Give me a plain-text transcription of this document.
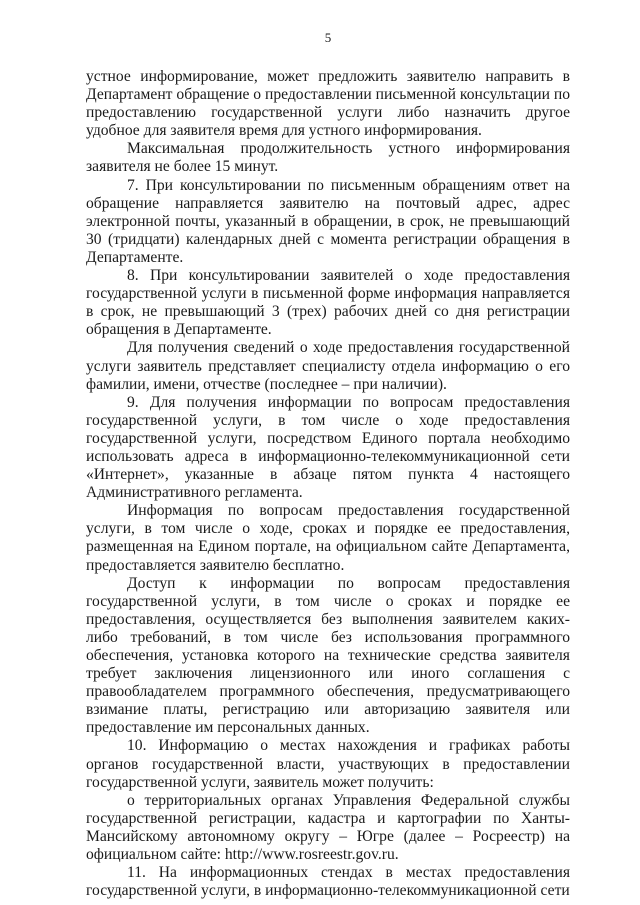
5

устное информирование, может предложить заявителю направить в Департамент обращение о предоставлении письменной консультации по предоставлению государственной услуги либо назначить другое удобное для заявителя время для устного информирования.

Максимальная продолжительность устного информирования заявителя не более 15 минут.

7. При консультировании по письменным обращениям ответ на обращение направляется заявителю на почтовый адрес, адрес электронной почты, указанный в обращении, в срок, не превышающий 30 (тридцати) календарных дней с момента регистрации обращения в Департаменте.

8. При консультировании заявителей о ходе предоставления государственной услуги в письменной форме информация направляется в срок, не превышающий 3 (трех) рабочих дней со дня регистрации обращения в Департаменте.

Для получения сведений о ходе предоставления государственной услуги заявитель представляет специалисту отдела информацию о его фамилии, имени, отчестве (последнее – при наличии).

9. Для получения информации по вопросам предоставления государственной услуги, в том числе о ходе предоставления государственной услуги, посредством Единого портала необходимо использовать адреса в информационно-телекоммуникационной сети «Интернет», указанные в абзаце пятом пункта 4 настоящего Административного регламента.

Информация по вопросам предоставления государственной услуги, в том числе о ходе, сроках и порядке ее предоставления, размещенная на Едином портале, на официальном сайте Департамента, предоставляется заявителю бесплатно.

Доступ к информации по вопросам предоставления государственной услуги, в том числе о сроках и порядке ее предоставления, осуществляется без выполнения заявителем каких-либо требований, в том числе без использования программного обеспечения, установка которого на технические средства заявителя требует заключения лицензионного или иного соглашения с правообладателем программного обеспечения, предусматривающего взимание платы, регистрацию или авторизацию заявителя или предоставление им персональных данных.

10. Информацию о местах нахождения и графиках работы органов государственной власти, участвующих в предоставлении государственной услуги, заявитель может получить:

о территориальных органах Управления Федеральной службы государственной регистрации, кадастра и картографии по Ханты-Мансийскому автономному округу – Югре (далее – Росреестр) на официальном сайте: http://www.rosreestr.gov.ru.

11. На информационных стендах в местах предоставления государственной услуги, в информационно-телекоммуникационной сети
